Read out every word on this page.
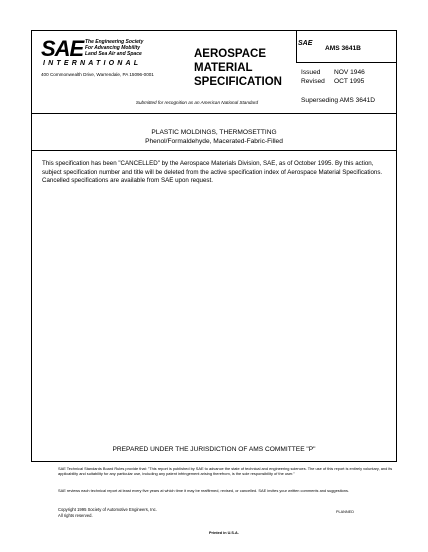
SAE The Engineering Society
For Advancing Mobility
Land Sea Air and Space
INTERNATIONAL
400 Commonwealth Drive, Warrendale, PA 15096-0001
AEROSPACE
MATERIAL
SPECIFICATION
Submitted for recognition as an American National Standard
SAE
AMS 3641B
Issued NOV 1946
Revised OCT 1995
Superseding AMS 3641D
PLASTIC MOLDINGS, THERMOSETTING
Phenol/Formaldehyde, Macerated-Fabric-Filled
This specification has been "CANCELLED" by the Aerospace Materials Division, SAE, as of October 1995. By this action, subject specification number and title will be deleted from the active specification index of Aerospace Material Specifications. Cancelled specifications are available from SAE upon request.
PREPARED UNDER THE JURISDICTION OF AMS COMMITTEE "P"
SAE Technical Standards Board Rules provide that: "This report is published by SAE to advance the state of technical and engineering sciences. The use of this report is entirely voluntary, and its applicability and suitability for any particular use, including any patent infringement arising therefrom, is the sole responsibility of the user."
SAE reviews each technical report at least every five years at which time it may be reaffirmed, revised, or cancelled. SAE invites your written comments and suggestions.
Copyright 1995 Society of Automotive Engineers, Inc.
All rights reserved.
PLANNED
Printed in U.S.A.
